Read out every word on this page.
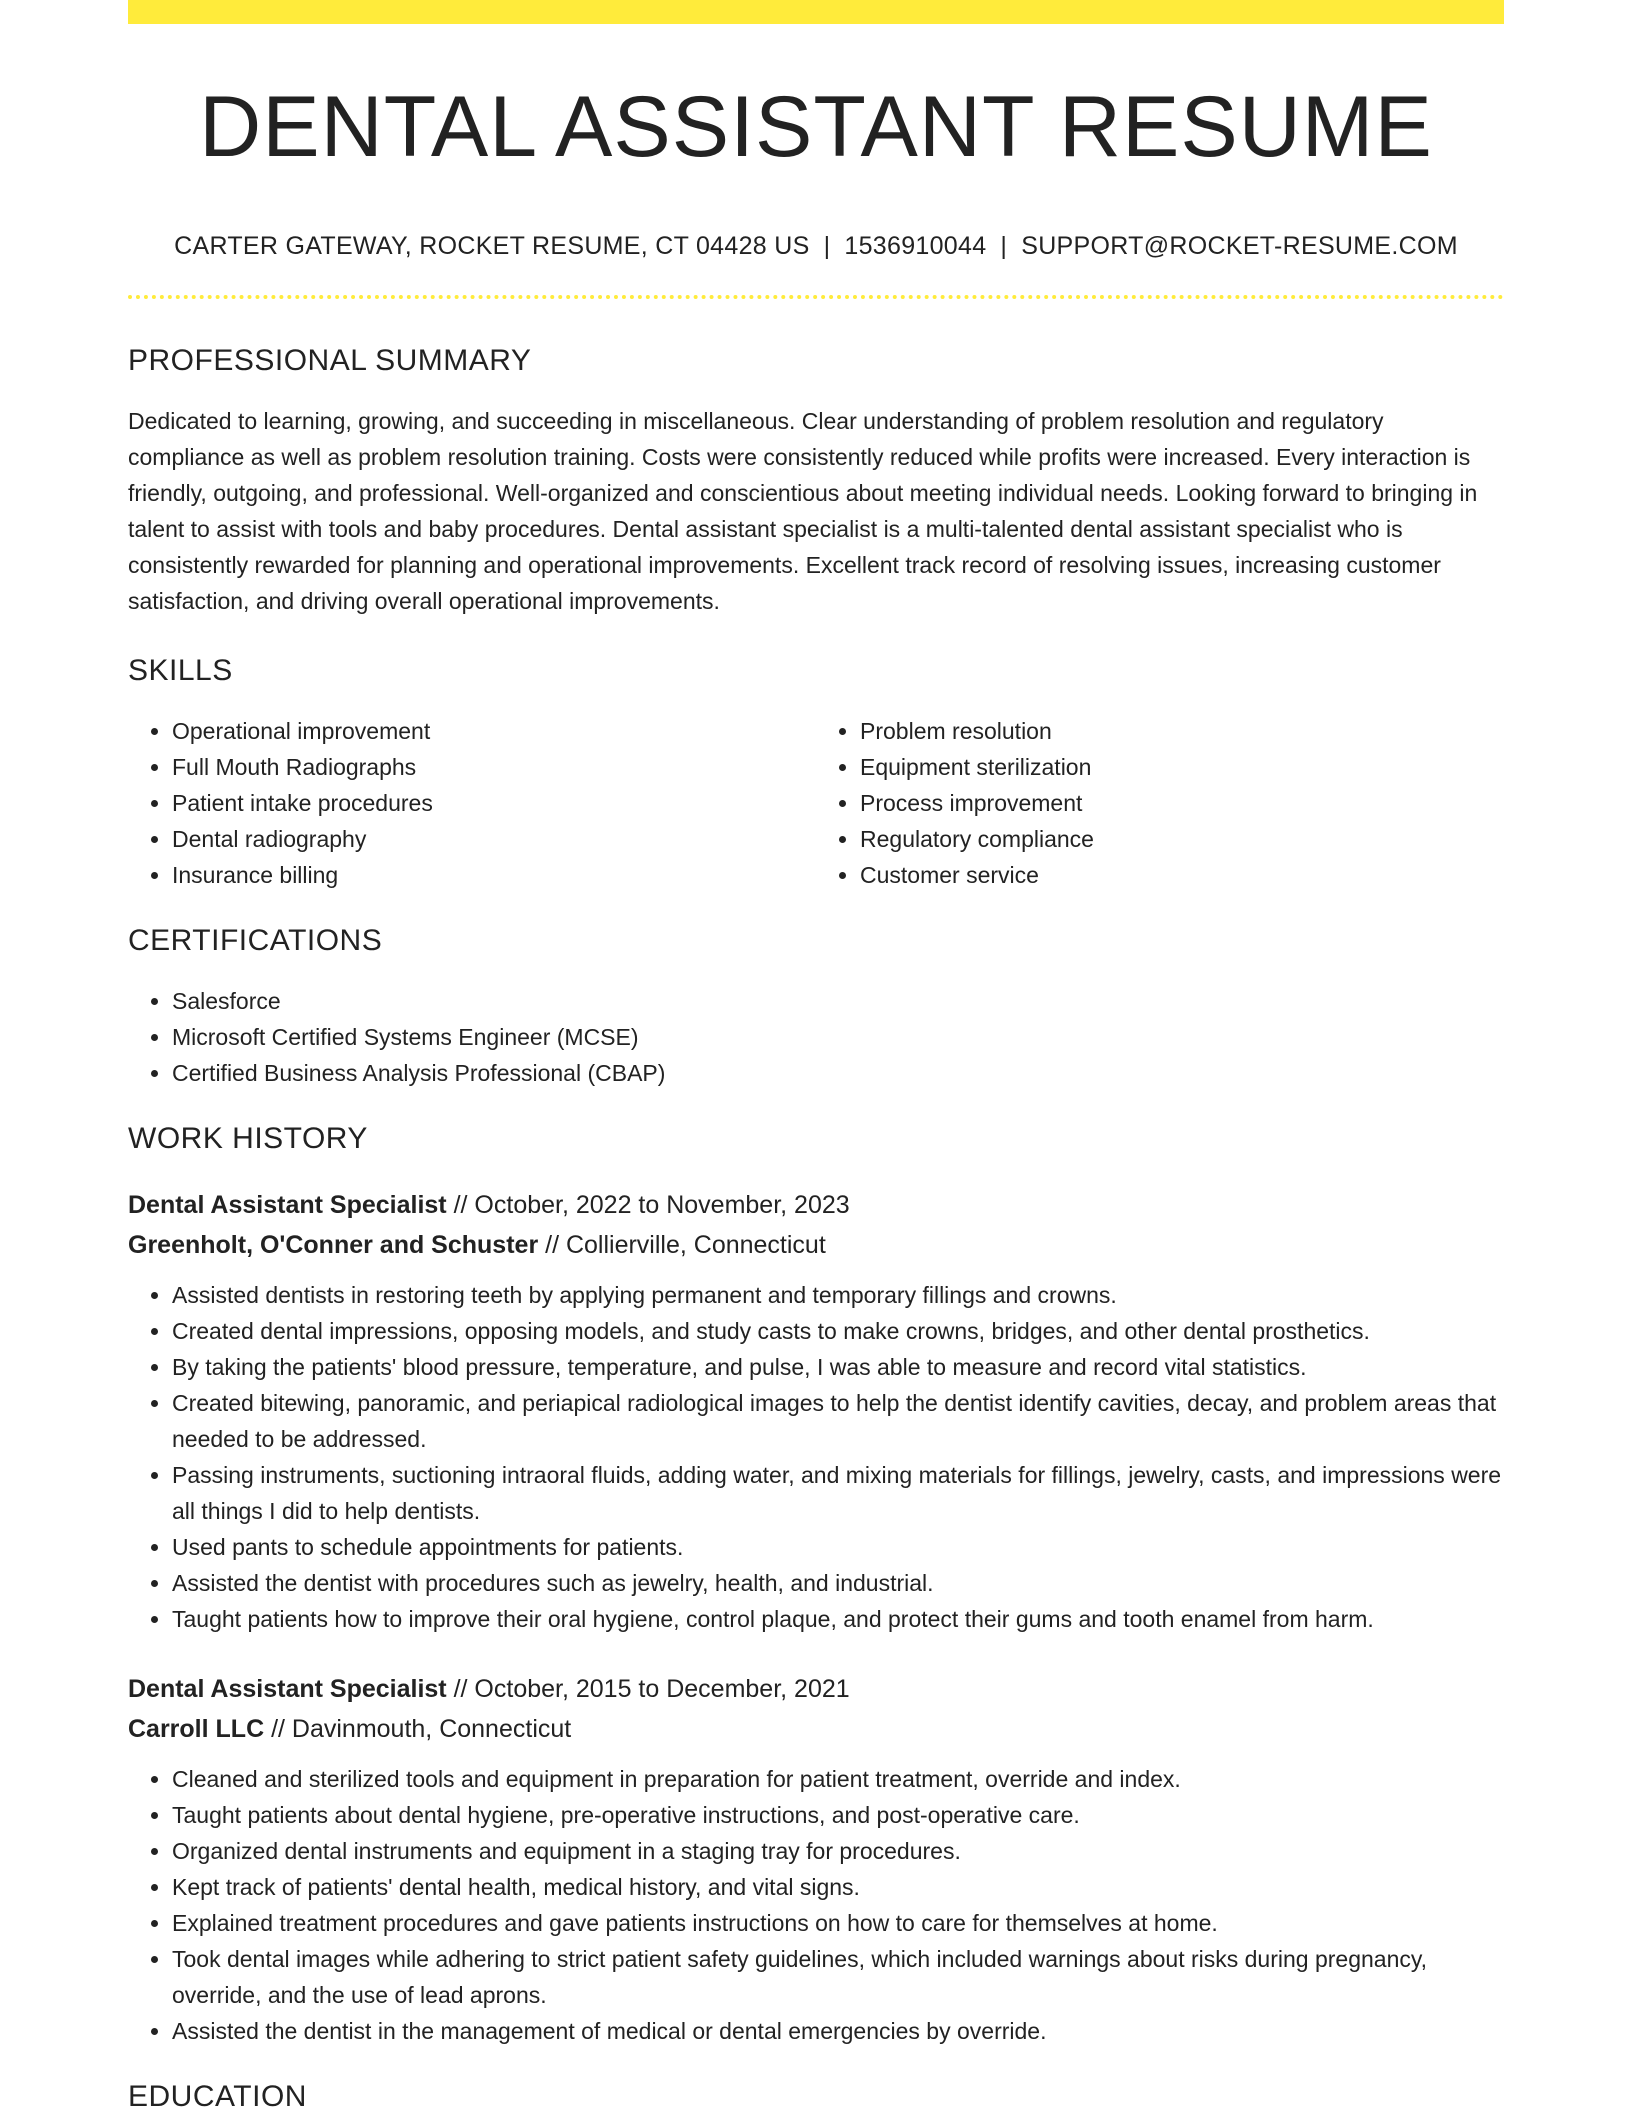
DENTAL ASSISTANT RESUME
CARTER GATEWAY, ROCKET RESUME, CT 04428 US | 1536910044 | SUPPORT@ROCKET-RESUME.COM
PROFESSIONAL SUMMARY

Dedicated to learning, growing, and succeeding in miscellaneous. Clear understanding of problem resolution and regulatory compliance as well as problem resolution training. Costs were consistently reduced while profits were increased. Every interaction is friendly, outgoing, and professional. Well-organized and conscientious about meeting individual needs. Looking forward to bringing in talent to assist with tools and baby procedures. Dental assistant specialist is a multi-talented dental assistant specialist who is consistently rewarded for planning and operational improvements. Excellent track record of resolving issues, increasing customer satisfaction, and driving overall operational improvements.

SKILLS
• Operational improvement
• Full Mouth Radiographs
• Patient intake procedures
• Dental radiography
• Insurance billing
• Problem resolution
• Equipment sterilization
• Process improvement
• Regulatory compliance
• Customer service
CERTIFICATIONS
• Salesforce
• Microsoft Certified Systems Engineer (MCSE)
• Certified Business Analysis Professional (CBAP)
WORK HISTORY
Dental Assistant Specialist // October, 2022 to November, 2023
Greenholt, O'Conner and Schuster // Collierville, Connecticut
• Assisted dentists in restoring teeth by applying permanent and temporary fillings and crowns.
• Created dental impressions, opposing models, and study casts to make crowns, bridges, and other dental prosthetics.
• By taking the patients' blood pressure, temperature, and pulse, I was able to measure and record vital statistics.
• Created bitewing, panoramic, and periapical radiological images to help the dentist identify cavities, decay, and problem areas that needed to be addressed.
• Passing instruments, suctioning intraoral fluids, adding water, and mixing materials for fillings, jewelry, casts, and impressions were all things I did to help dentists.
• Used pants to schedule appointments for patients.
• Assisted the dentist with procedures such as jewelry, health, and industrial.
• Taught patients how to improve their oral hygiene, control plaque, and protect their gums and tooth enamel from harm.
Dental Assistant Specialist // October, 2015 to December, 2021
Carroll LLC // Davinmouth, Connecticut
• Cleaned and sterilized tools and equipment in preparation for patient treatment, override and index.
• Taught patients about dental hygiene, pre-operative instructions, and post-operative care.
• Organized dental instruments and equipment in a staging tray for procedures.
• Kept track of patients' dental health, medical history, and vital signs.
• Explained treatment procedures and gave patients instructions on how to care for themselves at home.
• Took dental images while adhering to strict patient safety guidelines, which included warnings about risks during pregnancy, override, and the use of lead aprons.
• Assisted the dentist in the management of medical or dental emergencies by override.
EDUCATION
